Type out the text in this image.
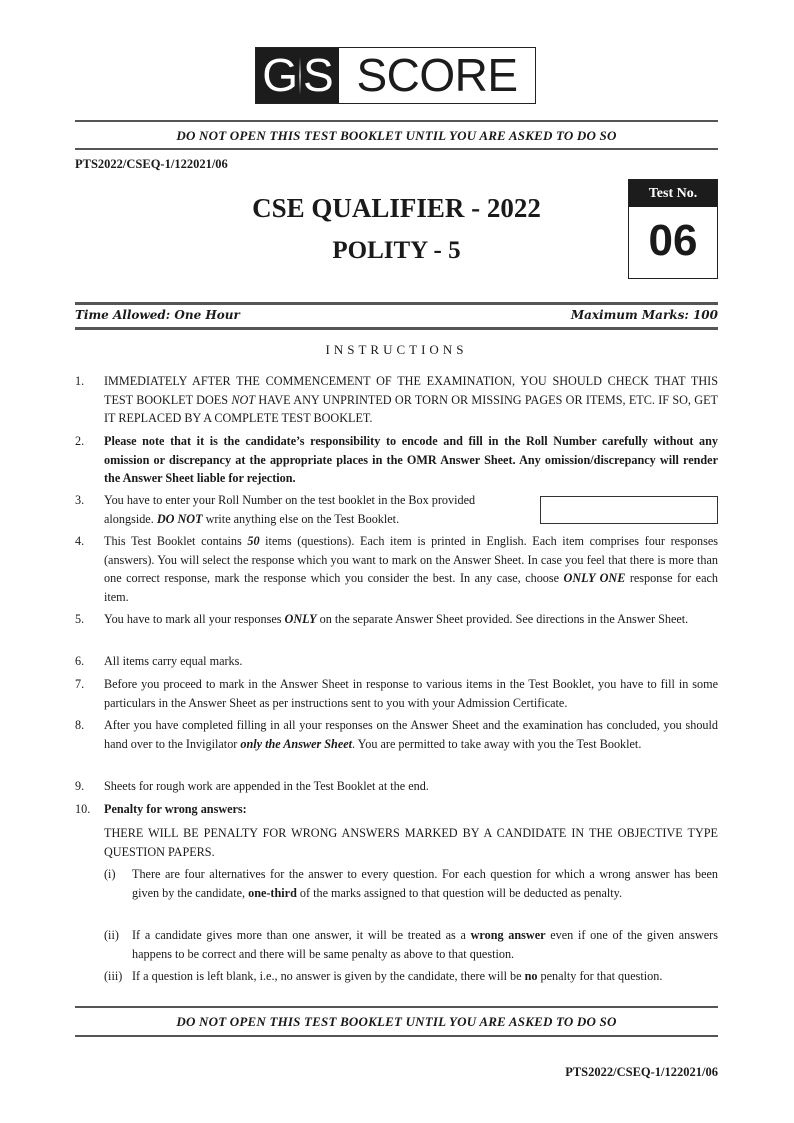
G S SCORE
DO NOT OPEN THIS TEST BOOKLET UNTIL YOU ARE ASKED TO DO SO
PTS2022/CSEQ-1/122021/06
CSE QUALIFIER - 2022
POLITY - 5
Test No.
06
Time Allowed: One Hour	Maximum Marks: 100
INSTRUCTIONS
1.	IMMEDIATELY AFTER THE COMMENCEMENT OF THE EXAMINATION, YOU SHOULD CHECK THAT THIS TEST BOOKLET DOES NOT HAVE ANY UNPRINTED OR TORN OR MISSING PAGES OR ITEMS, ETC. IF SO, GET IT REPLACED BY A COMPLETE TEST BOOKLET.
2.	Please note that it is the candidate’s responsibility to encode and fill in the Roll Number carefully without any omission or discrepancy at the appropriate places in the OMR Answer Sheet. Any omission/discrepancy will render the Answer Sheet liable for rejection.
3.	You have to enter your Roll Number on the test booklet in the Box provided alongside. DO NOT write anything else on the Test Booklet.
4.	This Test Booklet contains 50 items (questions). Each item is printed in English. Each item comprises four responses (answers). You will select the response which you want to mark on the Answer Sheet. In case you feel that there is more than one correct response, mark the response which you consider the best. In any case, choose ONLY ONE response for each item.
5.	You have to mark all your responses ONLY on the separate Answer Sheet provided. See directions in the Answer Sheet.
6.	All items carry equal marks.
7.	Before you proceed to mark in the Answer Sheet in response to various items in the Test Booklet, you have to fill in some particulars in the Answer Sheet as per instructions sent to you with your Admission Certificate.
8.	After you have completed filling in all your responses on the Answer Sheet and the examination has concluded, you should hand over to the Invigilator only the Answer Sheet. You are permitted to take away with you the Test Booklet.
9.	Sheets for rough work are appended in the Test Booklet at the end.
10.	Penalty for wrong answers:
THERE WILL BE PENALTY FOR WRONG ANSWERS MARKED BY A CANDIDATE IN THE OBJECTIVE TYPE QUESTION PAPERS.
(i)	There are four alternatives for the answer to every question. For each question for which a wrong answer has been given by the candidate, one-third of the marks assigned to that question will be deducted as penalty.
(ii)	If a candidate gives more than one answer, it will be treated as a wrong answer even if one of the given answers happens to be correct and there will be same penalty as above to that question.
(iii) If a question is left blank, i.e., no answer is given by the candidate, there will be no penalty for that question.
DO NOT OPEN THIS TEST BOOKLET UNTIL YOU ARE ASKED TO DO SO
PTS2022/CSEQ-1/122021/06
